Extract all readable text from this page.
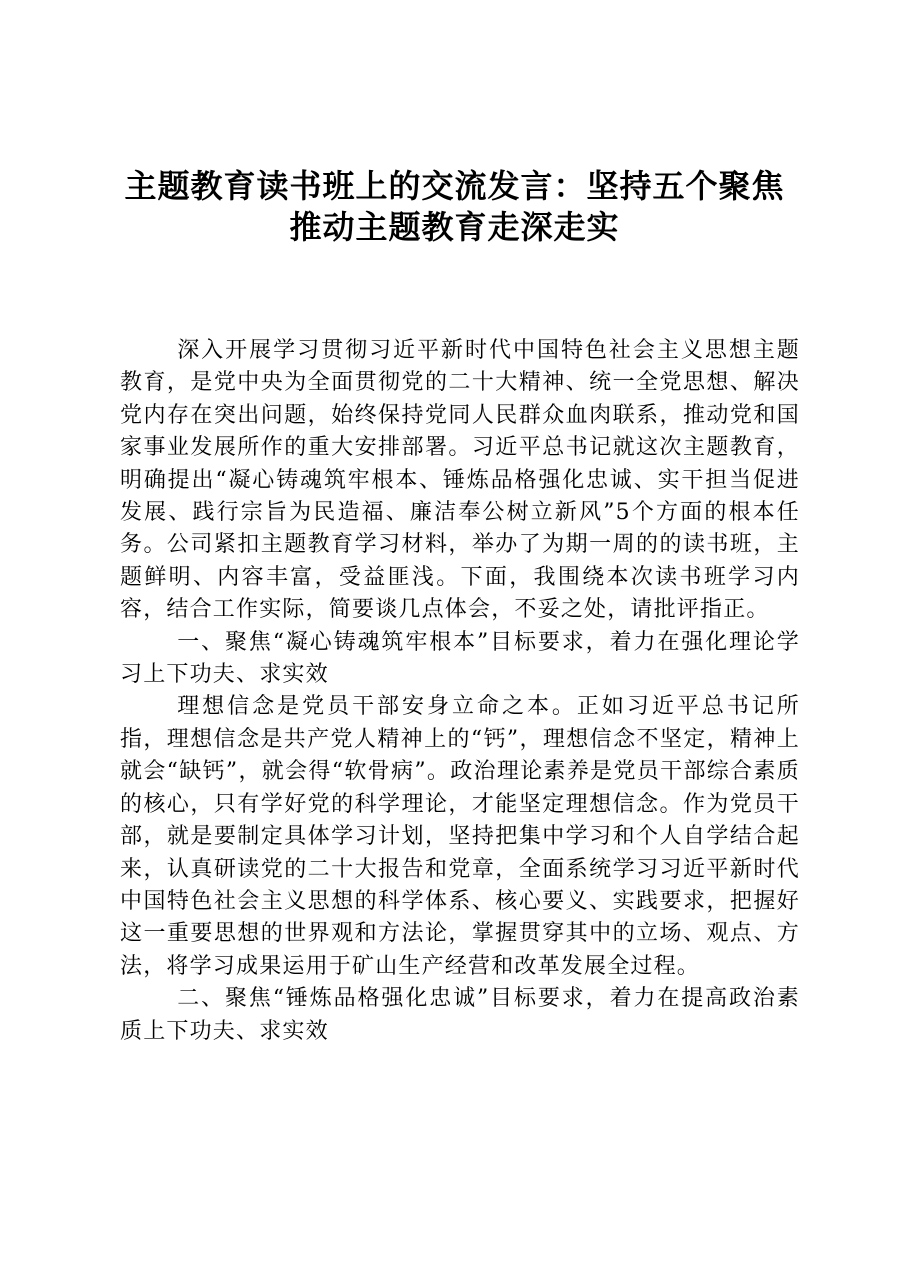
主题教育读书班上的交流发言：坚持五个聚焦
推动主题教育走深走实

深入开展学习贯彻习近平新时代中国特色社会主义思想主题教育，是党中央为全面贯彻党的二十大精神、统一全党思想、解决党内存在突出问题，始终保持党同人民群众血肉联系，推动党和国家事业发展所作的重大安排部署。习近平总书记就这次主题教育，明确提出“凝心铸魂筑牢根本、锤炼品格强化忠诚、实干担当促进发展、践行宗旨为民造福、廉洁奉公树立新风”5个方面的根本任务。公司紧扣主题教育学习材料，举办了为期一周的的读书班，主题鲜明、内容丰富，受益匪浅。下面，我围绕本次读书班学习内容，结合工作实际，简要谈几点体会，不妥之处，请批评指正。

一、聚焦“凝心铸魂筑牢根本”目标要求，着力在强化理论学习上下功夫、求实效

理想信念是党员干部安身立命之本。正如习近平总书记所指，理想信念是共产党人精神上的“钙”，理想信念不坚定，精神上就会“缺钙”，就会得“软骨病”。政治理论素养是党员干部综合素质的核心，只有学好党的科学理论，才能坚定理想信念。作为党员干部，就是要制定具体学习计划，坚持把集中学习和个人自学结合起来，认真研读党的二十大报告和党章，全面系统学习习近平新时代中国特色社会主义思想的科学体系、核心要义、实践要求，把握好这一重要思想的世界观和方法论，掌握贯穿其中的立场、观点、方法，将学习成果运用于矿山生产经营和改革发展全过程。

二、聚焦“锤炼品格强化忠诚”目标要求，着力在提高政治素质上下功夫、求实效
